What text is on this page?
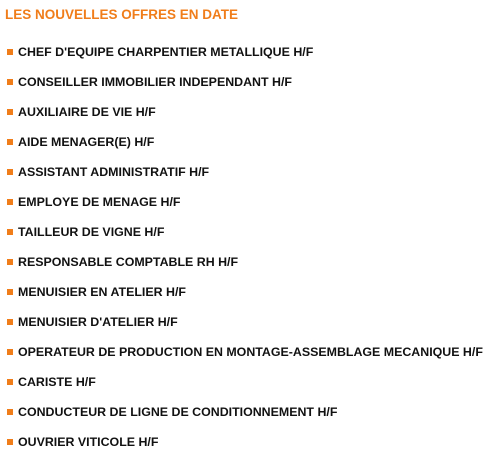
LES NOUVELLES OFFRES EN DATE
CHEF D'EQUIPE CHARPENTIER METALLIQUE H/F
CONSEILLER IMMOBILIER INDEPENDANT H/F
AUXILIAIRE DE VIE H/F
AIDE MENAGER(E) H/F
ASSISTANT ADMINISTRATIF H/F
EMPLOYE DE MENAGE H/F
TAILLEUR DE VIGNE H/F
RESPONSABLE COMPTABLE RH H/F
MENUISIER EN ATELIER H/F
MENUISIER D'ATELIER H/F
OPERATEUR DE PRODUCTION EN MONTAGE-ASSEMBLAGE MECANIQUE H/F
CARISTE H/F
CONDUCTEUR DE LIGNE DE CONDITIONNEMENT H/F
OUVRIER VITICOLE H/F
